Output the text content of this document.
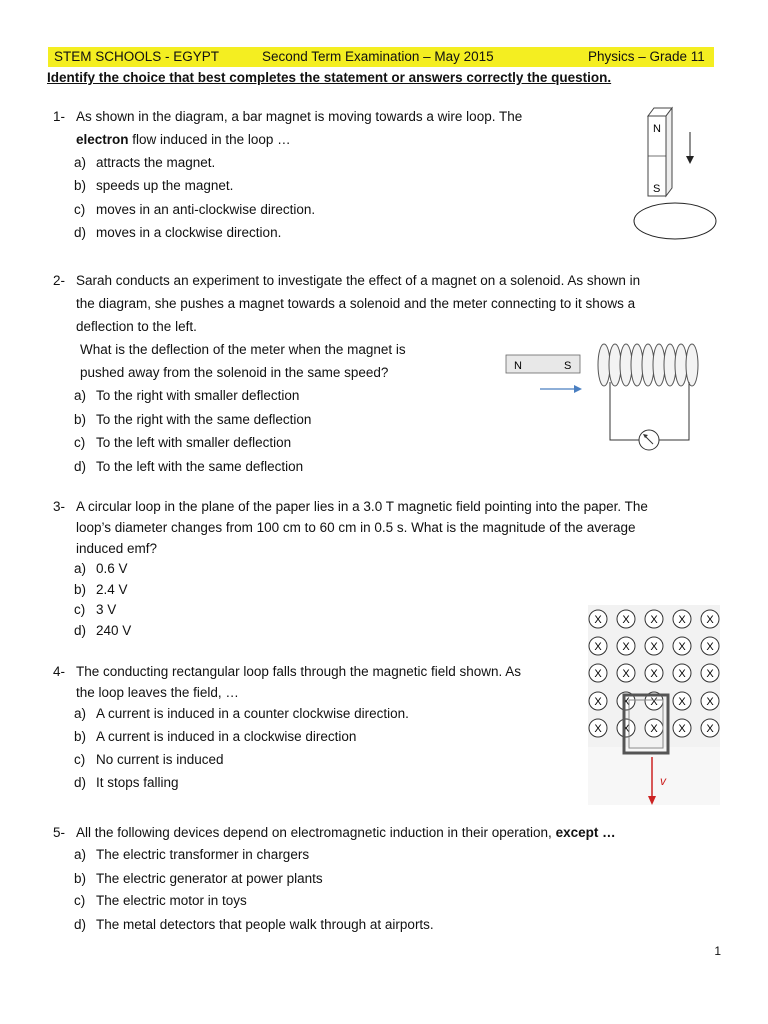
STEM SCHOOLS - EGYPT	Second Term Examination – May 2015	Physics – Grade 11
Identify the choice that best completes the statement or answers correctly the question.
1- As shown in the diagram, a bar magnet is moving towards a wire loop. The
electron flow induced in the loop …
a) attracts the magnet.
b) speeds up the magnet.
c) moves in an anti-clockwise direction.
d) moves in a clockwise direction.
N
S
2- Sarah conducts an experiment to investigate the effect of a magnet on a solenoid. As shown in
the diagram, she pushes a magnet towards a solenoid and the meter connecting to it shows a
deflection to the left.
What is the deflection of the meter when the magnet is
pushed away from the solenoid in the same speed?
a) To the right with smaller deflection
b) To the right with the same deflection
c) To the left with smaller deflection
d) To the left with the same deflection
N	S
3- A circular loop in the plane of the paper lies in a 3.0 T magnetic field pointing into the paper. The
loop’s diameter changes from 100 cm to 60 cm in 0.5 s. What is the magnitude of the average
induced emf?
a) 0.6 V
b) 2.4 V
c) 3 V
d) 240 V
4- The conducting rectangular loop falls through the magnetic field shown. As
the loop leaves the field, …
a) A current is induced in a counter clockwise direction.
b) A current is induced in a clockwise direction
c) No current is induced
d) It stops falling
X X X X X
X X X X X
X X X X X
X X X X X
X X X X X
v
5- All the following devices depend on electromagnetic induction in their operation, except …
a) The electric transformer in chargers
b) The electric generator at power plants
c) The electric motor in toys
d) The metal detectors that people walk through at airports.
1
